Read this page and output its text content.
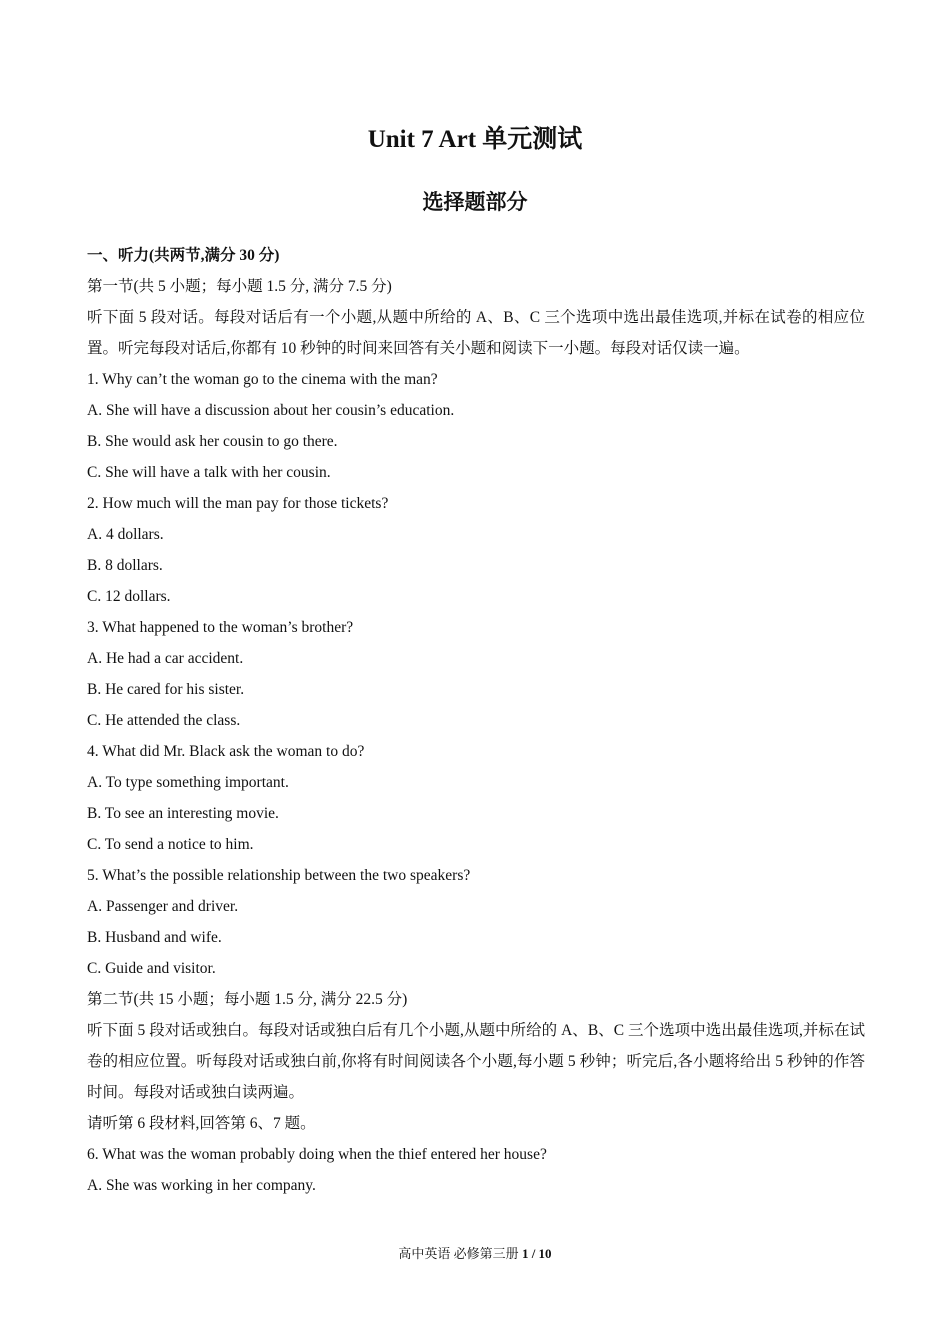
Unit 7 Art 单元测试
选择题部分
一、听力(共两节,满分 30 分)
第一节(共 5 小题；每小题 1.5 分, 满分 7.5 分)
听下面 5 段对话。每段对话后有一个小题,从题中所给的 A、B、C 三个选项中选出最佳选项,并标在试卷的相应位置。听完每段对话后,你都有 10 秒钟的时间来回答有关小题和阅读下一小题。每段对话仅读一遍。
1. Why can’t the woman go to the cinema with the man?
A. She will have a discussion about her cousin’s education.
B. She would ask her cousin to go there.
C. She will have a talk with her cousin.
2. How much will the man pay for those tickets?
A. 4 dollars.
B. 8 dollars.
C. 12 dollars.
3. What happened to the woman’s brother?
A. He had a car accident.
B. He cared for his sister.
C. He attended the class.
4. What did Mr. Black ask the woman to do?
A. To type something important.
B. To see an interesting movie.
C. To send a notice to him.
5. What’s the possible relationship between the two speakers?
A. Passenger and driver.
B. Husband and wife.
C. Guide and visitor.
第二节(共 15 小题；每小题 1.5 分, 满分 22.5 分)
听下面 5 段对话或独白。每段对话或独白后有几个小题,从题中所给的 A、B、C 三个选项中选出最佳选项,并标在试卷的相应位置。听每段对话或独白前,你将有时间阅读各个小题,每小题 5 秒钟；听完后,各小题将给出 5 秒钟的作答时间。每段对话或独白读两遍。
请听第 6 段材料,回答第 6、7 题。
6. What was the woman probably doing when the thief entered her house?
A. She was working in her company.
高中英语 必修第三册 1 / 10
